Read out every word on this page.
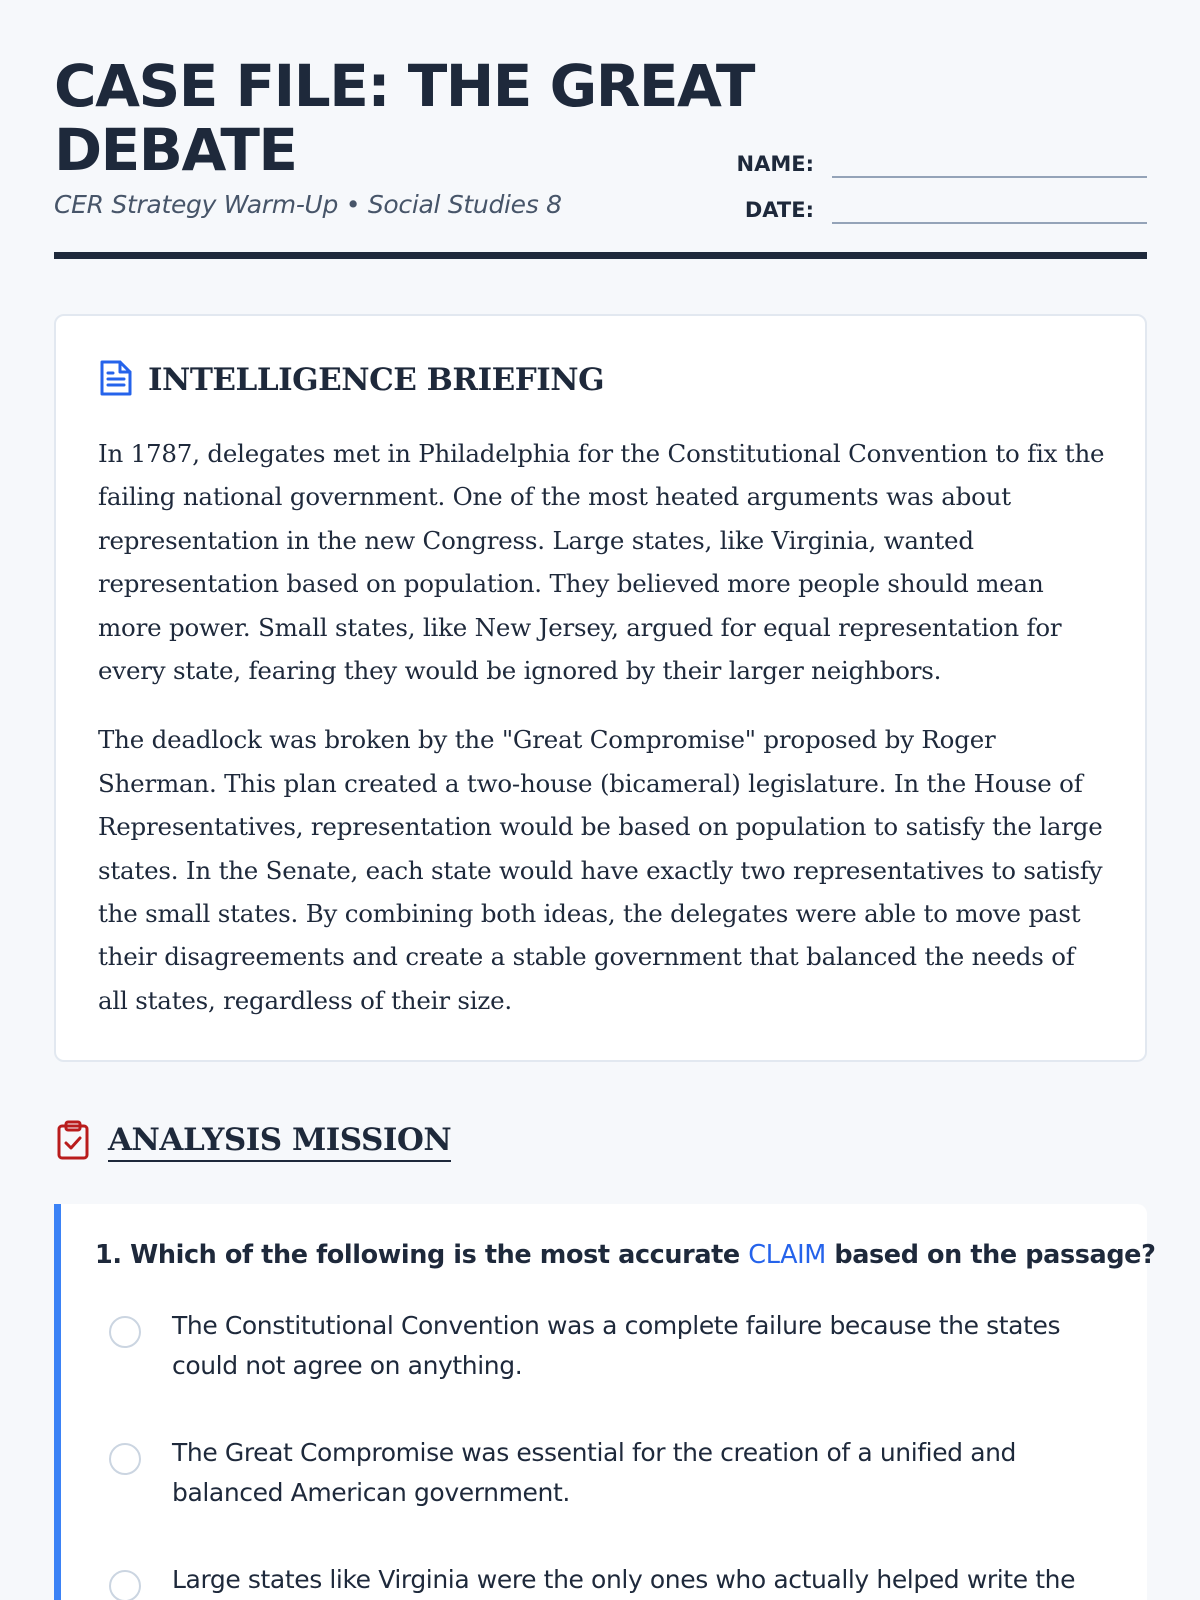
CASE FILE: THE GREAT DEBATE
CER Strategy Warm-Up • Social Studies 8
NAME:
DATE:
INTELLIGENCE BRIEFING

In 1787, delegates met in Philadelphia for the Constitutional Convention to fix the failing national government. One of the most heated arguments was about representation in the new Congress. Large states, like Virginia, wanted representation based on population. They believed more people should mean more power. Small states, like New Jersey, argued for equal representation for every state, fearing they would be ignored by their larger neighbors.

The deadlock was broken by the "Great Compromise" proposed by Roger Sherman. This plan created a two-house (bicameral) legislature. In the House of Representatives, representation would be based on population to satisfy the large states. In the Senate, each state would have exactly two representatives to satisfy the small states. By combining both ideas, the delegates were able to move past their disagreements and create a stable government that balanced the needs of all states, regardless of their size.

ANALYSIS MISSION
1. Which of the following is the most accurate CLAIM based on the passage?
The Constitutional Convention was a complete failure because the states could not agree on anything.
The Great Compromise was essential for the creation of a unified and balanced American government.
Large states like Virginia were the only ones who actually helped write the
